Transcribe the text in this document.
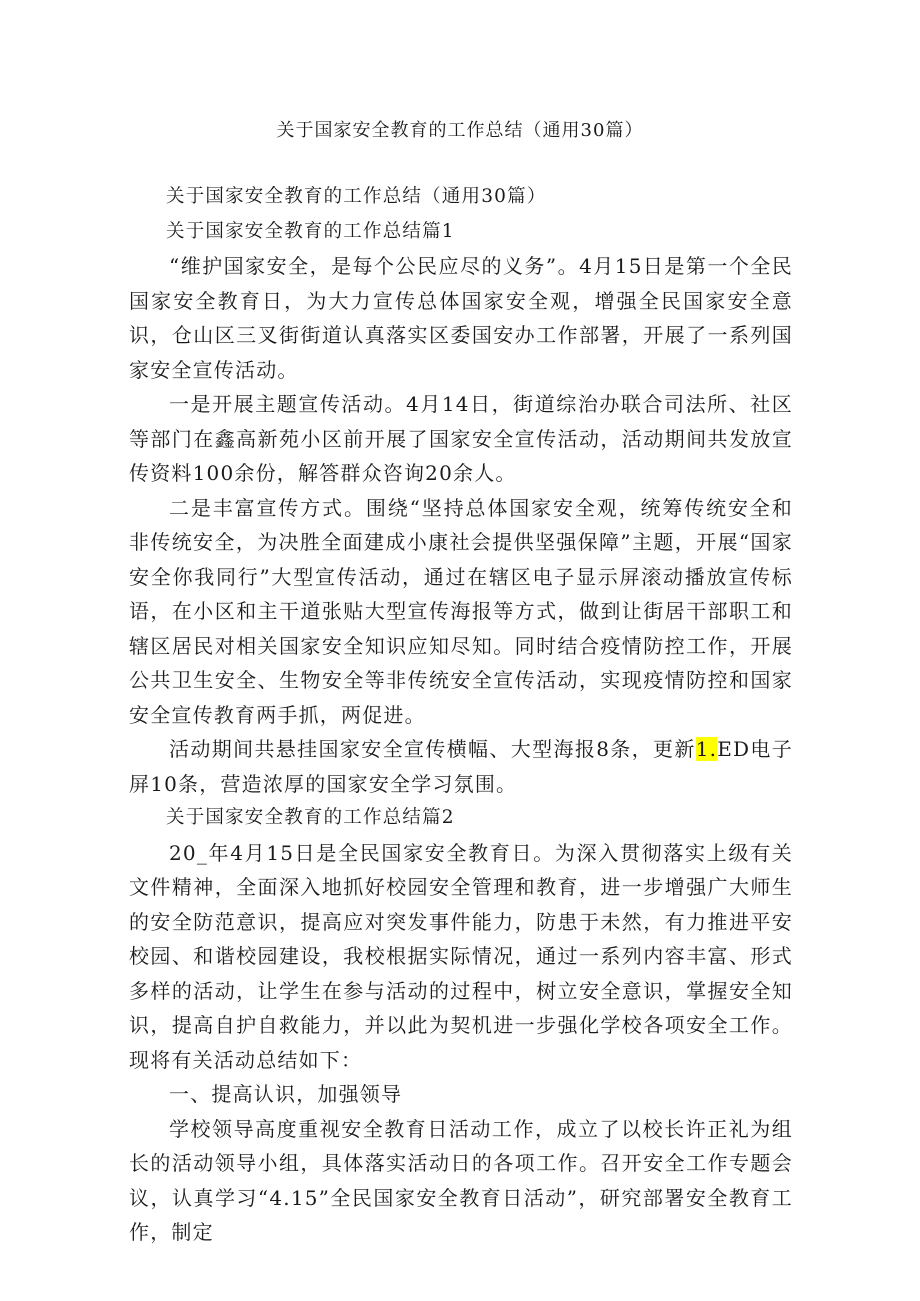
关于国家安全教育的工作总结（通用30篇）

关于国家安全教育的工作总结（通用30篇）

关于国家安全教育的工作总结篇1

“维护国家安全，是每个公民应尽的义务”。4月15日是第一个全民国家安全教育日，为大力宣传总体国家安全观，增强全民国家安全意识，仓山区三叉街街道认真落实区委国安办工作部署，开展了一系列国家安全宣传活动。

一是开展主题宣传活动。4月14日，街道综治办联合司法所、社区等部门在鑫高新苑小区前开展了国家安全宣传活动，活动期间共发放宣传资料100余份，解答群众咨询20余人。

二是丰富宣传方式。围绕“坚持总体国家安全观，统筹传统安全和非传统安全，为决胜全面建成小康社会提供坚强保障”主题，开展“国家安全你我同行”大型宣传活动，通过在辖区电子显示屏滚动播放宣传标语，在小区和主干道张贴大型宣传海报等方式，做到让街居干部职工和辖区居民对相关国家安全知识应知尽知。同时结合疫情防控工作，开展公共卫生安全、生物安全等非传统安全宣传活动，实现疫情防控和国家安全宣传教育两手抓，两促进。

活动期间共悬挂国家安全宣传横幅、大型海报8条，更新1.ED电子屏10条，营造浓厚的国家安全学习氛围。

关于国家安全教育的工作总结篇2

20_年4月15日是全民国家安全教育日。为深入贯彻落实上级有关文件精神，全面深入地抓好校园安全管理和教育，进一步增强广大师生的安全防范意识，提高应对突发事件能力，防患于未然，有力推进平安校园、和谐校园建设，我校根据实际情况，通过一系列内容丰富、形式多样的活动，让学生在参与活动的过程中，树立安全意识，掌握安全知识，提高自护自救能力，并以此为契机进一步强化学校各项安全工作。现将有关活动总结如下：

一、提高认识，加强领导

学校领导高度重视安全教育日活动工作，成立了以校长许正礼为组长的活动领导小组，具体落实活动日的各项工作。召开安全工作专题会议，认真学习“4.15”全民国家安全教育日活动”，研究部署安全教育工作，制定
